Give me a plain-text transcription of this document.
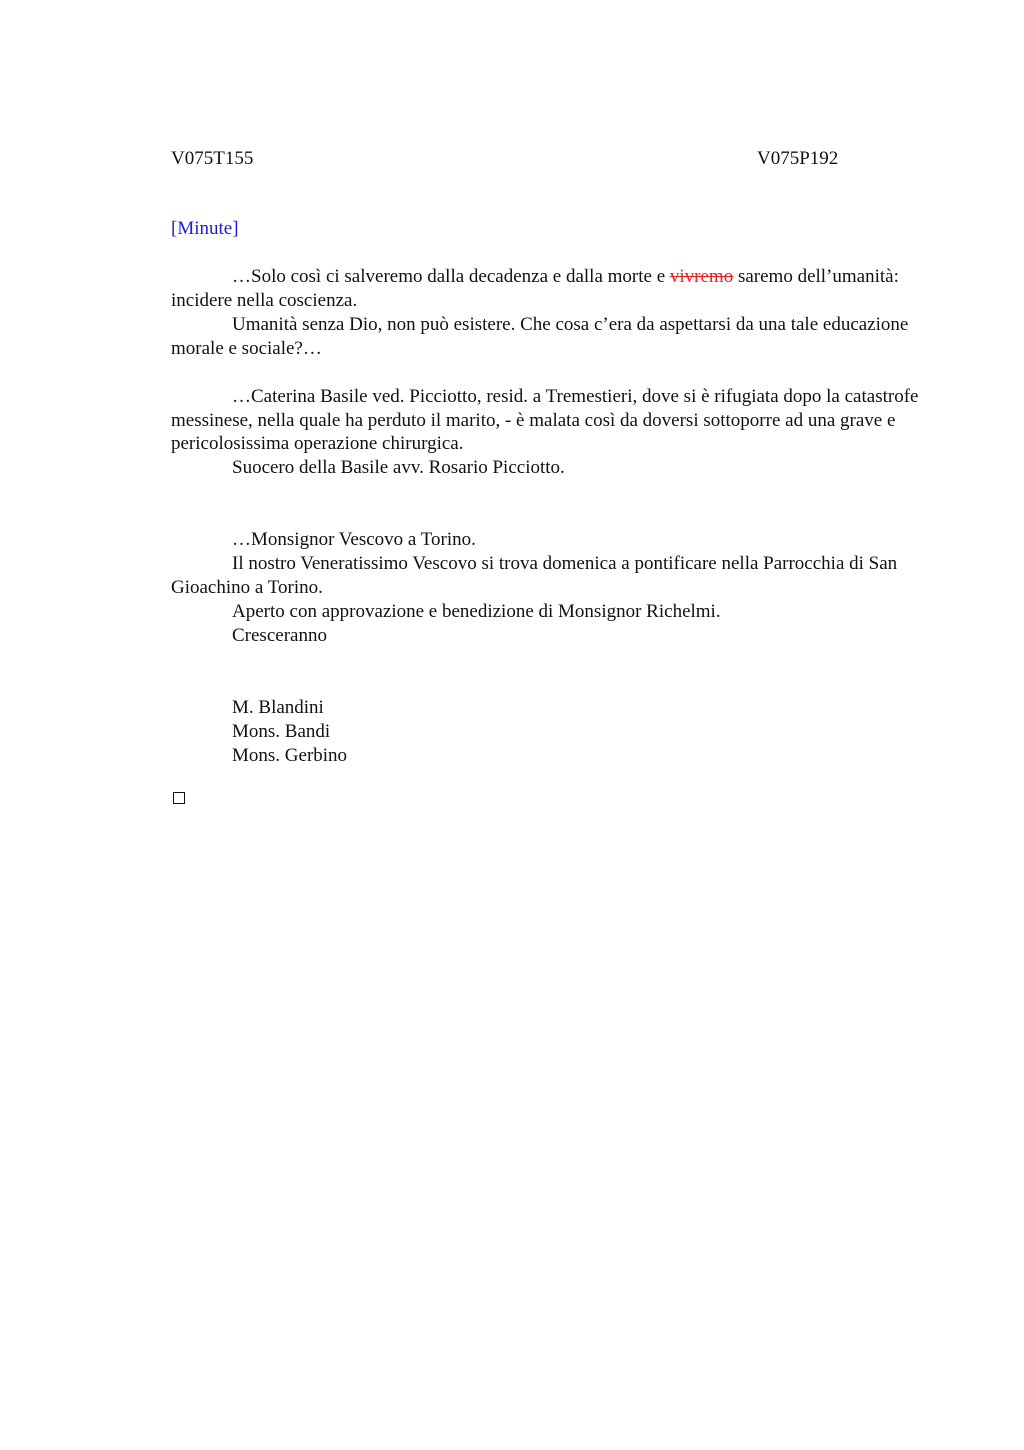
V075T155	V075P192
[Minute]

…Solo così ci salveremo dalla decadenza e dalla morte e vivremo saremo dell’umanità: incidere nella coscienza.

Umanità senza Dio, non può esistere. Che cosa c’era da aspettarsi da una tale educazione morale e sociale?…

…Caterina Basile ved. Picciotto, resid. a Tremestieri, dove si è rifugiata dopo la catastrofe messinese, nella quale ha perduto il marito, - è malata così da doversi sottoporre ad una grave e pericolosissima operazione chirurgica.

Suocero della Basile avv. Rosario Picciotto.

…Monsignor Vescovo a Torino.

Il nostro Veneratissimo Vescovo si trova domenica a pontificare nella Parrocchia di San Gioachino a Torino.

Aperto con approvazione e benedizione di Monsignor Richelmi.

Cresceranno

M. Blandini

Mons. Bandi

Mons. Gerbino
